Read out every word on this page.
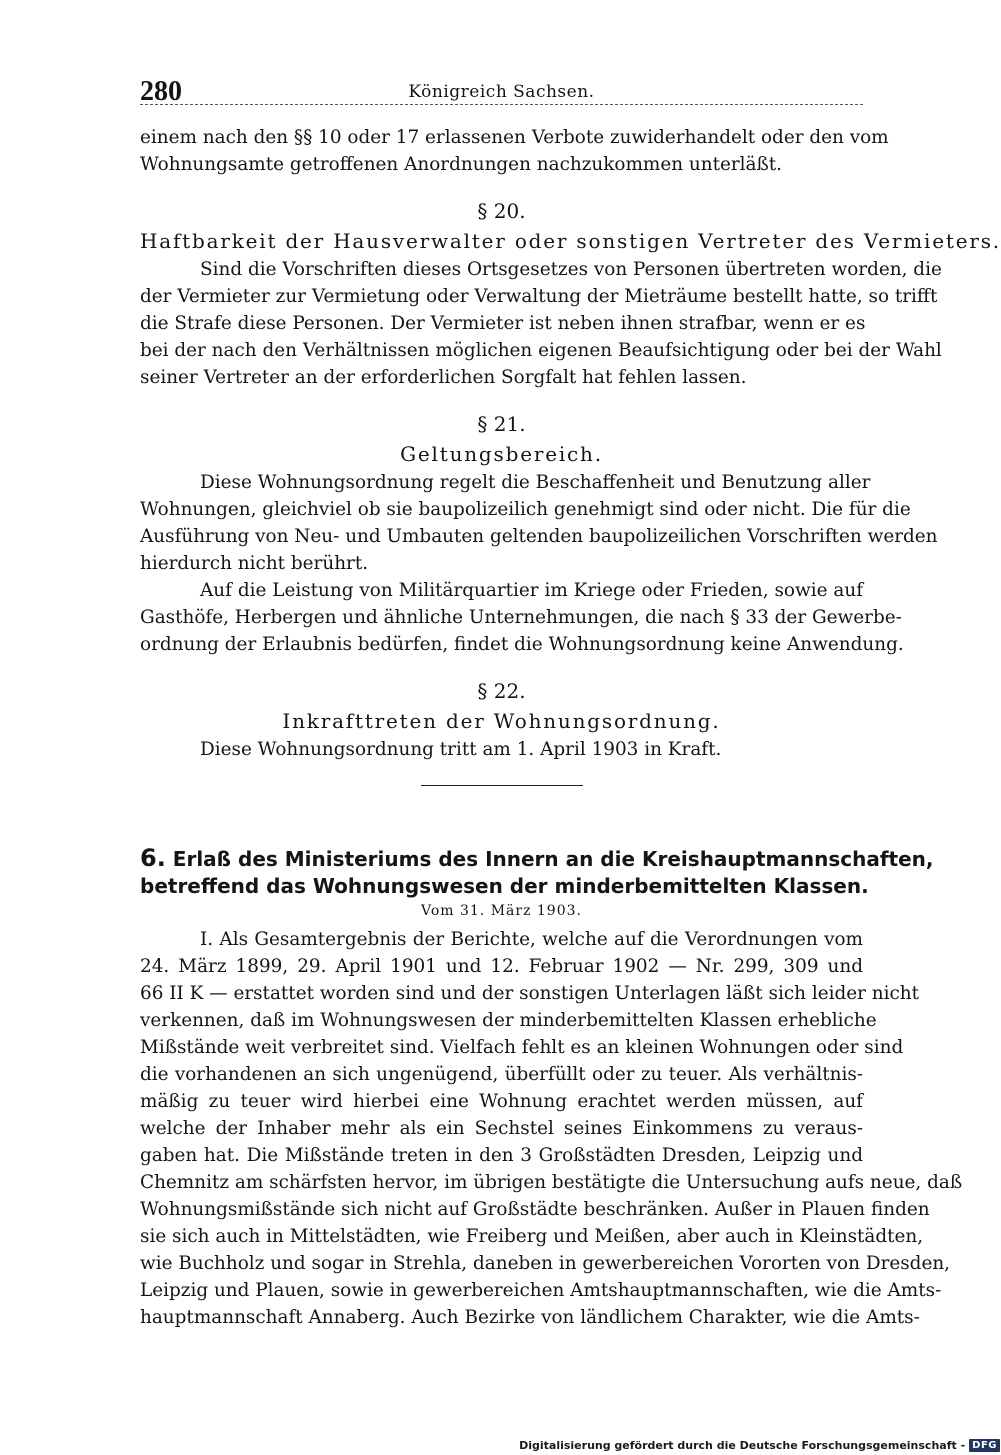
280	Königreich Sachsen.
einem nach den §§ 10 oder 17 erlassenen Verbote zuwiderhandelt oder den vom
Wohnungsamte getroffenen Anordnungen nachzukommen unterläßt.
§ 20.
Haftbarkeit der Hausverwalter oder sonstigen Vertreter des Vermieters.
Sind die Vorschriften dieses Ortsgesetzes von Personen übertreten worden, die
der Vermieter zur Vermietung oder Verwaltung der Mieträume bestellt hatte, so trifft
die Strafe diese Personen. Der Vermieter ist neben ihnen strafbar, wenn er es
bei der nach den Verhältnissen möglichen eigenen Beaufsichtigung oder bei der Wahl
seiner Vertreter an der erforderlichen Sorgfalt hat fehlen lassen.
§ 21.
Geltungsbereich.
Diese Wohnungsordnung regelt die Beschaffenheit und Benutzung aller
Wohnungen, gleichviel ob sie baupolizeilich genehmigt sind oder nicht. Die für die
Ausführung von Neu- und Umbauten geltenden baupolizeilichen Vorschriften werden
hierdurch nicht berührt.
Auf die Leistung von Militärquartier im Kriege oder Frieden, sowie auf
Gasthöfe, Herbergen und ähnliche Unternehmungen, die nach § 33 der Gewerbe-
ordnung der Erlaubnis bedürfen, findet die Wohnungsordnung keine Anwendung.
§ 22.
Inkrafttreten der Wohnungsordnung.
Diese Wohnungsordnung tritt am 1. April 1903 in Kraft.
6. Erlaß des Ministeriums des Innern an die Kreishauptmannschaften,
betreffend das Wohnungswesen der minderbemittelten Klassen.
Vom 31. März 1903.
I. Als Gesamtergebnis der Berichte, welche auf die Verordnungen vom
24. März 1899, 29. April 1901 und 12. Februar 1902 — Nr. 299, 309 und
66 II K — erstattet worden sind und der sonstigen Unterlagen läßt sich leider nicht
verkennen, daß im Wohnungswesen der minderbemittelten Klassen erhebliche
Mißstände weit verbreitet sind. Vielfach fehlt es an kleinen Wohnungen oder sind
die vorhandenen an sich ungenügend, überfüllt oder zu teuer. Als verhältnis-
mäßig zu teuer wird hierbei eine Wohnung erachtet werden müssen, auf
welche der Inhaber mehr als ein Sechstel seines Einkommens zu veraus-
gaben hat. Die Mißstände treten in den 3 Großstädten Dresden, Leipzig und
Chemnitz am schärfsten hervor, im übrigen bestätigte die Untersuchung aufs neue, daß
Wohnungsmißstände sich nicht auf Großstädte beschränken. Außer in Plauen finden
sie sich auch in Mittelstädten, wie Freiberg und Meißen, aber auch in Kleinstädten,
wie Buchholz und sogar in Strehla, daneben in gewerbereichen Vororten von Dresden,
Leipzig und Plauen, sowie in gewerbereichen Amtshauptmannschaften, wie die Amts-
hauptmannschaft Annaberg. Auch Bezirke von ländlichem Charakter, wie die Amts-
Digitalisierung gefördert durch die Deutsche Forschungsgemeinschaft - DFG
